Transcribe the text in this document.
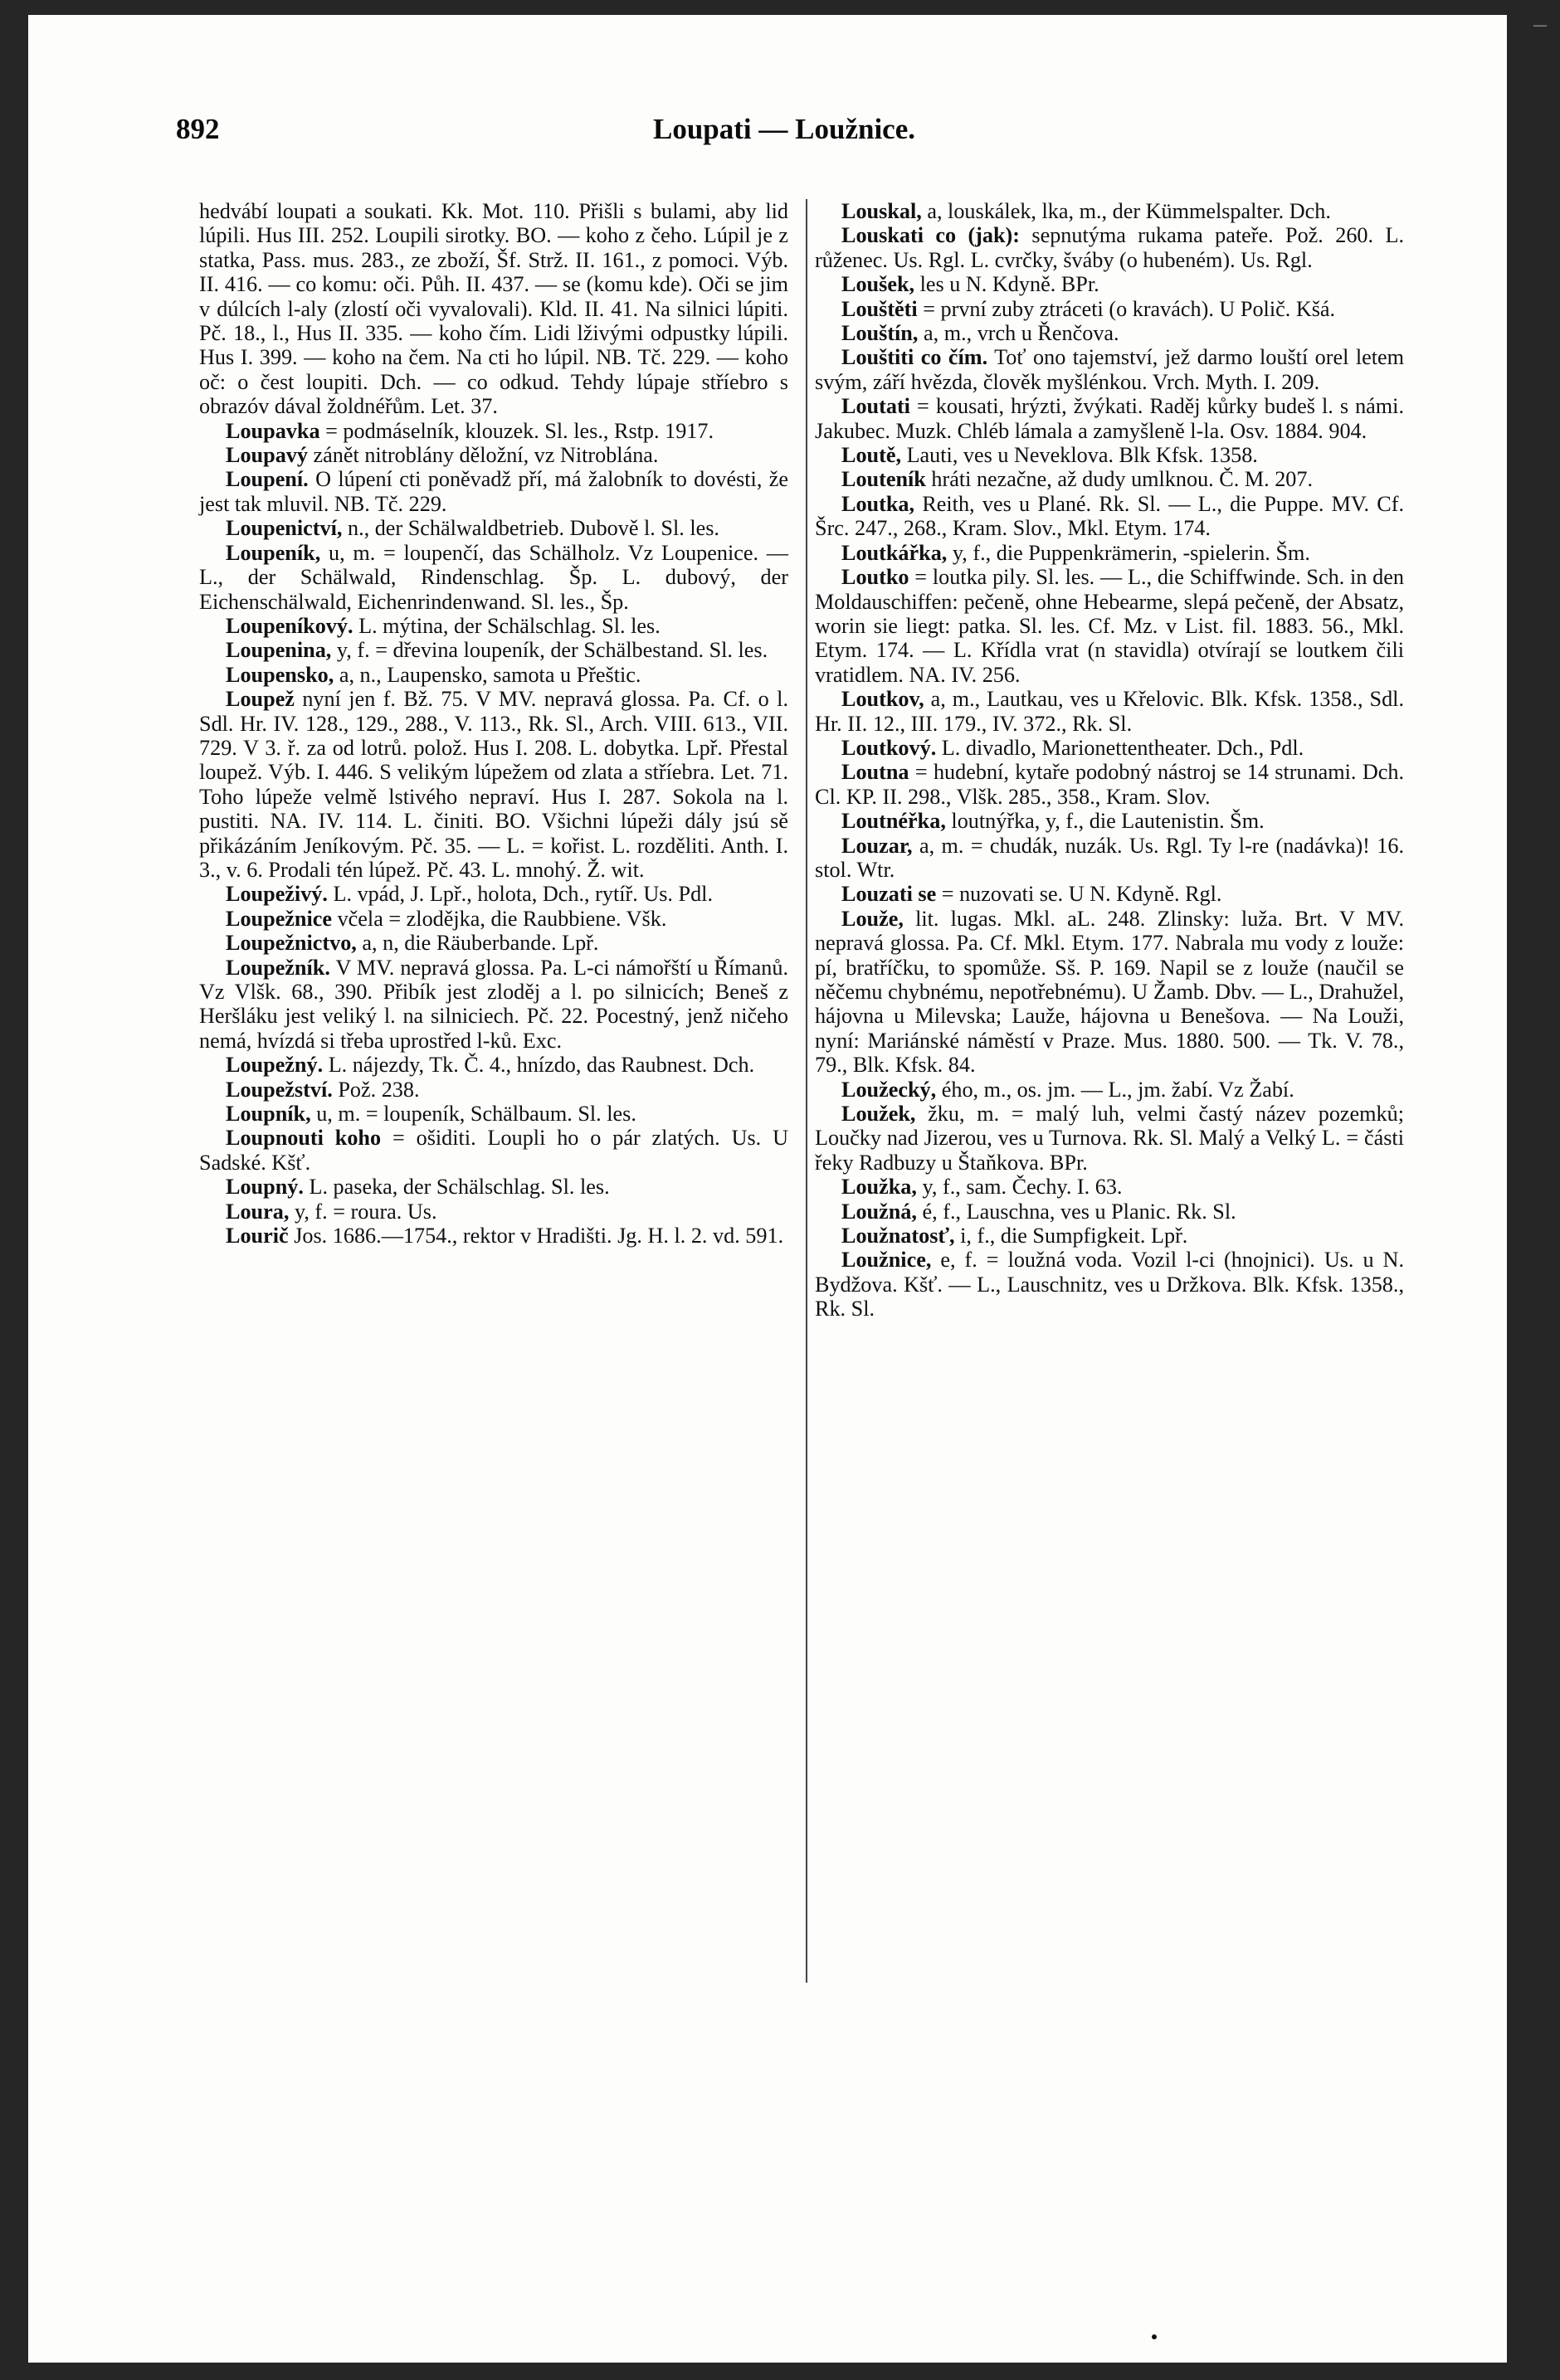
892	Loupati — Loužnice.

hedvábí loupati a soukati. Kk. Mot. 110. Přišli s bulami, aby lid lúpili. Hus III. 252. Loupili sirotky. BO. — koho z čeho. Lúpil je z statka, Pass. mus. 283., ze zboží, Šf. Strž. II. 161., z pomoci. Výb. II. 416. — co komu: oči. Půh. II. 437. — se (komu kde). Oči se jim v dúlcích l-aly (zlostí oči vyvalovali). Kld. II. 41. Na silnici lúpiti. Pč. 18., l., Hus II. 335. — koho čím. Lidi lživými odpustky lúpili. Hus I. 399. — koho na čem. Na cti ho lúpil. NB. Tč. 229. — koho oč: o čest loupiti. Dch. — co odkud. Tehdy lúpaje stříebro s obrazóv dával žoldnéřům. Let. 37.

Loupavka = podmáselník, klouzek. Sl. les., Rstp. 1917.

Loupavý zánět nitroblány děložní, vz Nitroblána.

Loupení. O lúpení cti poněvadž pří, má žalobník to dovésti, že jest tak mluvil. NB. Tč. 229.

Loupenictví, n., der Schälwaldbetrieb. Dubově l. Sl. les.

Loupeník, u, m. = loupenčí, das Schälholz. Vz Loupenice. — L., der Schälwald, Rindenschlag. Šp. L. dubový, der Eichenschälwald, Eichenrindenwand. Sl. les., Šp.

Loupeníkový. L. mýtina, der Schälschlag. Sl. les.

Loupenina, y, f. = dřevina loupeník, der Schälbestand. Sl. les.

Loupensko, a, n., Laupensko, samota u Přeštic.

Loupež nyní jen f. Bž. 75. V MV. nepravá glossa. Pa. Cf. o l. Sdl. Hr. IV. 128., 129., 288., V. 113., Rk. Sl., Arch. VIII. 613., VII. 729. V 3. ř. za od lotrů. polož. Hus I. 208. L. dobytka. Lpř. Přestal loupež. Výb. I. 446. S velikým lúpežem od zlata a stříebra. Let. 71. Toho lúpeže velmě lstivého nepraví. Hus I. 287. Sokola na l. pustiti. NA. IV. 114. L. činiti. BO. Všichni lúpeži dály jsú sě přikázáním Jeníkovým. Pč. 35. — L. = kořist. L. rozděliti. Anth. I. 3., v. 6. Prodali tén lúpež. Pč. 43. L. mnohý. Ž. wit.

Loupeživý. L. vpád, J. Lpř., holota, Dch., rytíř. Us. Pdl.

Loupežnice včela = zlodějka, die Raubbiene. Všk.

Loupežnictvo, a, n, die Räuberbande. Lpř.

Loupežník. V MV. nepravá glossa. Pa. L-ci námořští u Římanů. Vz Vlšk. 68., 390. Přibík jest zloděj a l. po silnicích; Beneš z Heršláku jest veliký l. na silniciech. Pč. 22. Pocestný, jenž ničeho nemá, hvízdá si třeba uprostřed l-ků. Exc.

Loupežný. L. nájezdy, Tk. Č. 4., hnízdo, das Raubnest. Dch.

Loupežství. Pož. 238.

Loupník, u, m. = loupeník, Schälbaum. Sl. les.

Loupnouti koho = ošiditi. Loupli ho o pár zlatých. Us. U Sadské. Kšť.

Loupný. L. paseka, der Schälschlag. Sl. les.

Loura, y, f. = roura. Us.

Lourič Jos. 1686.—1754., rektor v Hradišti. Jg. H. l. 2. vd. 591.

Louskal, a, louskálek, lka, m., der Kümmelspalter. Dch.

Louskati co (jak): sepnutýma rukama pateře. Pož. 260. L. růženec. Us. Rgl. L. cvrčky, šváby (o hubeném). Us. Rgl.

Loušek, les u N. Kdyně. BPr.

Louštěti = první zuby ztráceti (o kravách). U Polič. Kšá.

Louštín, a, m., vrch u Řenčova.

Louštiti co čím. Toť ono tajemství, jež darmo louští orel letem svým, září hvězda, člověk myšlénkou. Vrch. Myth. I. 209.

Loutati = kousati, hrýzti, žvýkati. Raděj kůrky budeš l. s námi. Jakubec. Muzk. Chléb lámala a zamyšleně l-la. Osv. 1884. 904.

Loutě, Lauti, ves u Neveklova. Blk Kfsk. 1358.

Louteník hráti nezačne, až dudy umlknou. Č. M. 207.

Loutka, Reith, ves u Plané. Rk. Sl. — L., die Puppe. MV. Cf. Šrc. 247., 268., Kram. Slov., Mkl. Etym. 174.

Loutkářka, y, f., die Puppenkrämerin, -spielerin. Šm.

Loutko = loutka pily. Sl. les. — L., die Schiffwinde. Sch. in den Moldauschiffen: pečeně, ohne Hebearme, slepá pečeně, der Absatz, worin sie liegt: patka. Sl. les. Cf. Mz. v List. fil. 1883. 56., Mkl. Etym. 174. — L. Křídla vrat (n stavidla) otvírají se loutkem čili vratidlem. NA. IV. 256.

Loutkov, a, m., Lautkau, ves u Křelovic. Blk. Kfsk. 1358., Sdl. Hr. II. 12., III. 179., IV. 372., Rk. Sl.

Loutkový. L. divadlo, Marionettentheater. Dch., Pdl.

Loutna = hudební, kytaře podobný nástroj se 14 strunami. Dch. Cl. KP. II. 298., Vlšk. 285., 358., Kram. Slov.

Loutnéřka, loutnýřka, y, f., die Lautenistin. Šm.

Louzar, a, m. = chudák, nuzák. Us. Rgl. Ty l-re (nadávka)! 16. stol. Wtr.

Louzati se = nuzovati se. U N. Kdyně. Rgl.

Louže, lit. lugas. Mkl. aL. 248. Zlinsky: luža. Brt. V MV. nepravá glossa. Pa. Cf. Mkl. Etym. 177. Nabrala mu vody z louže: pí, bratříčku, to spomůže. Sš. P. 169. Napil se z louže (naučil se něčemu chybnému, nepotřebnému). U Žamb. Dbv. — L., Drahužel, hájovna u Milevska; Lauže, hájovna u Benešova. — Na Louži, nyní: Mariánské náměstí v Praze. Mus. 1880. 500. — Tk. V. 78., 79., Blk. Kfsk. 84.

Loužecký, ého, m., os. jm. — L., jm. žabí. Vz Žabí.

Loužek, žku, m. = malý luh, velmi častý název pozemků; Loučky nad Jizerou, ves u Turnova. Rk. Sl. Malý a Velký L. = části řeky Radbuzy u Štaňkova. BPr.

Loužka, y, f., sam. Čechy. I. 63.

Loužná, é, f., Lauschna, ves u Planic. Rk. Sl.

Loužnatosť, i, f., die Sumpfigkeit. Lpř.

Loužnice, e, f. = loužná voda. Vozil l-ci (hnojnici). Us. u N. Bydžova. Kšť. — L., Lauschnitz, ves u Držkova. Blk. Kfsk. 1358., Rk. Sl.

—
